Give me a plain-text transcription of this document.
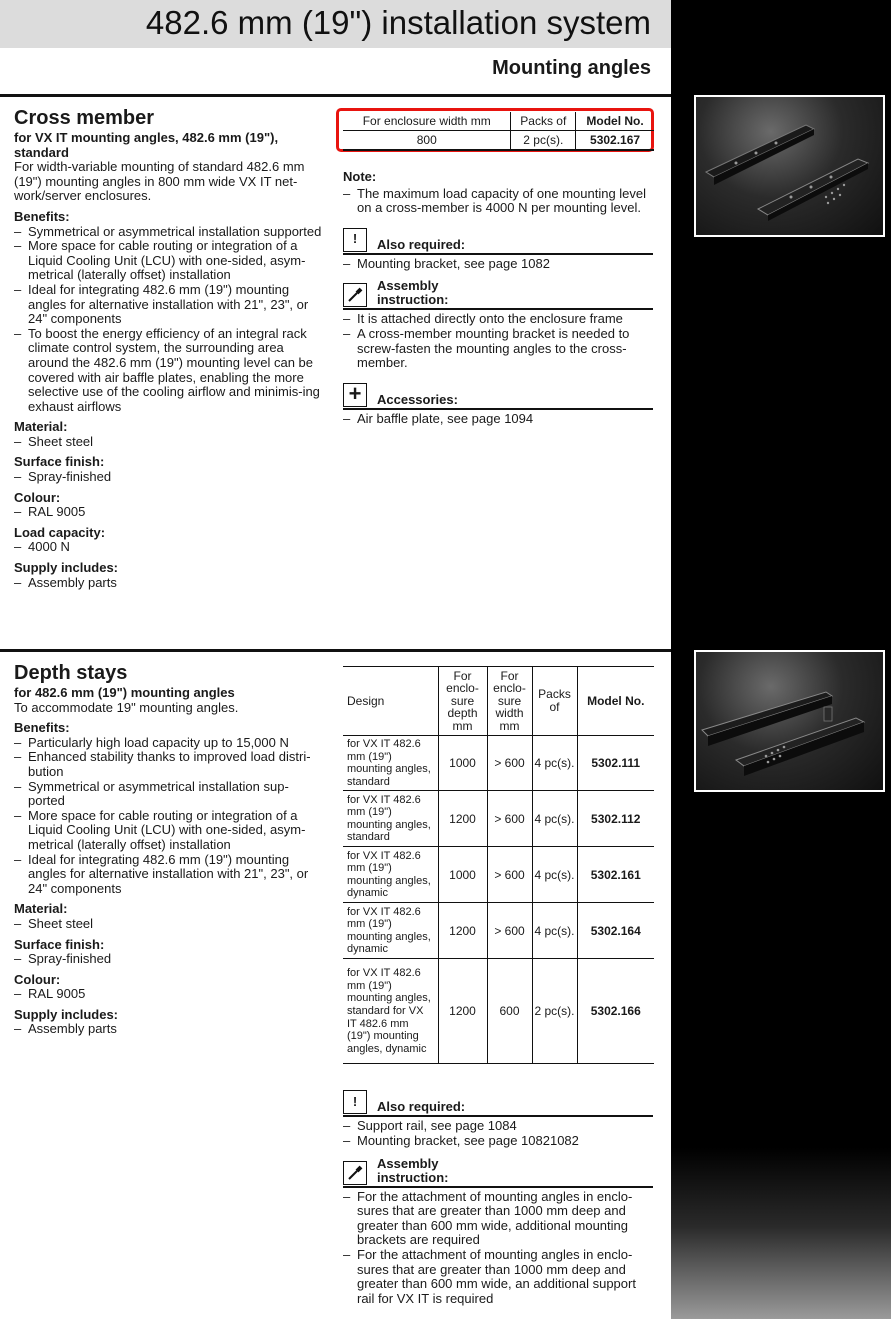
482.6 mm (19") installation system
Mounting angles
Cross member
for VX IT mounting angles, 482.6 mm (19"), standard
For width-variable mounting of standard 482.6 mm (19") mounting angles in 800 mm wide VX IT net-work/server enclosures.
Benefits:
– Symmetrical or asymmetrical installation supported
– More space for cable routing or integration of a Liquid Cooling Unit (LCU) with one-sided, asym-metrical (laterally offset) installation
– Ideal for integrating 482.6 mm (19") mounting angles for alternative installation with 21", 23", or 24" components
– To boost the energy efficiency of an integral rack climate control system, the surrounding area around the 482.6 mm (19") mounting level can be covered with air baffle plates, enabling the more selective use of the cooling airflow and minimis-ing exhaust airflows
Material:
– Sheet steel
Surface finish:
– Spray-finished
Colour:
– RAL 9005
Load capacity:
– 4000 N
Supply includes:
– Assembly parts
For enclosure width mm	Packs of	Model No.
800	2 pc(s).	5302.167
Note:
– The maximum load capacity of one mounting level on a cross-member is 4000 N per mounting level.
!	Also required:
– Mounting bracket, see page 1082
Assembly
instruction:
– It is attached directly onto the enclosure frame
– A cross-member mounting bracket is needed to screw-fasten the mounting angles to the cross-member.
+	Accessories:
– Air baffle plate, see page 1094
Depth stays
for 482.6 mm (19") mounting angles
To accommodate 19" mounting angles.
Benefits:
– Particularly high load capacity up to 15,000 N
– Enhanced stability thanks to improved load distri-bution
– Symmetrical or asymmetrical installation sup-ported
– More space for cable routing or integration of a Liquid Cooling Unit (LCU) with one-sided, asym-metrical (laterally offset) installation
– Ideal for integrating 482.6 mm (19") mounting angles for alternative installation with 21", 23", or 24" components
Material:
– Sheet steel
Surface finish:
– Spray-finished
Colour:
– RAL 9005
Supply includes:
– Assembly parts
Design	For enclo-sure depth mm	For enclo-sure width mm	Packs of	Model No.
for VX IT 482.6 mm (19") mounting angles, standard	1000	> 600	4 pc(s).	5302.111
for VX IT 482.6 mm (19") mounting angles, standard	1200	> 600	4 pc(s).	5302.112
for VX IT 482.6 mm (19") mounting angles, dynamic	1000	> 600	4 pc(s).	5302.161
for VX IT 482.6 mm (19") mounting angles, dynamic	1200	> 600	4 pc(s).	5302.164
for VX IT 482.6 mm (19") mounting angles, standard for VX IT 482.6 mm (19") mounting angles, dynamic	1200	600	2 pc(s).	5302.166
!	Also required:
– Support rail, see page 1084
– Mounting bracket, see page 10821082
Assembly
instruction:
– For the attachment of mounting angles in enclo-sures that are greater than 1000 mm deep and greater than 600 mm wide, additional mounting brackets are required
– For the attachment of mounting angles in enclo-sures that are greater than 1000 mm deep and greater than 600 mm wide, an additional support rail for VX IT is required
